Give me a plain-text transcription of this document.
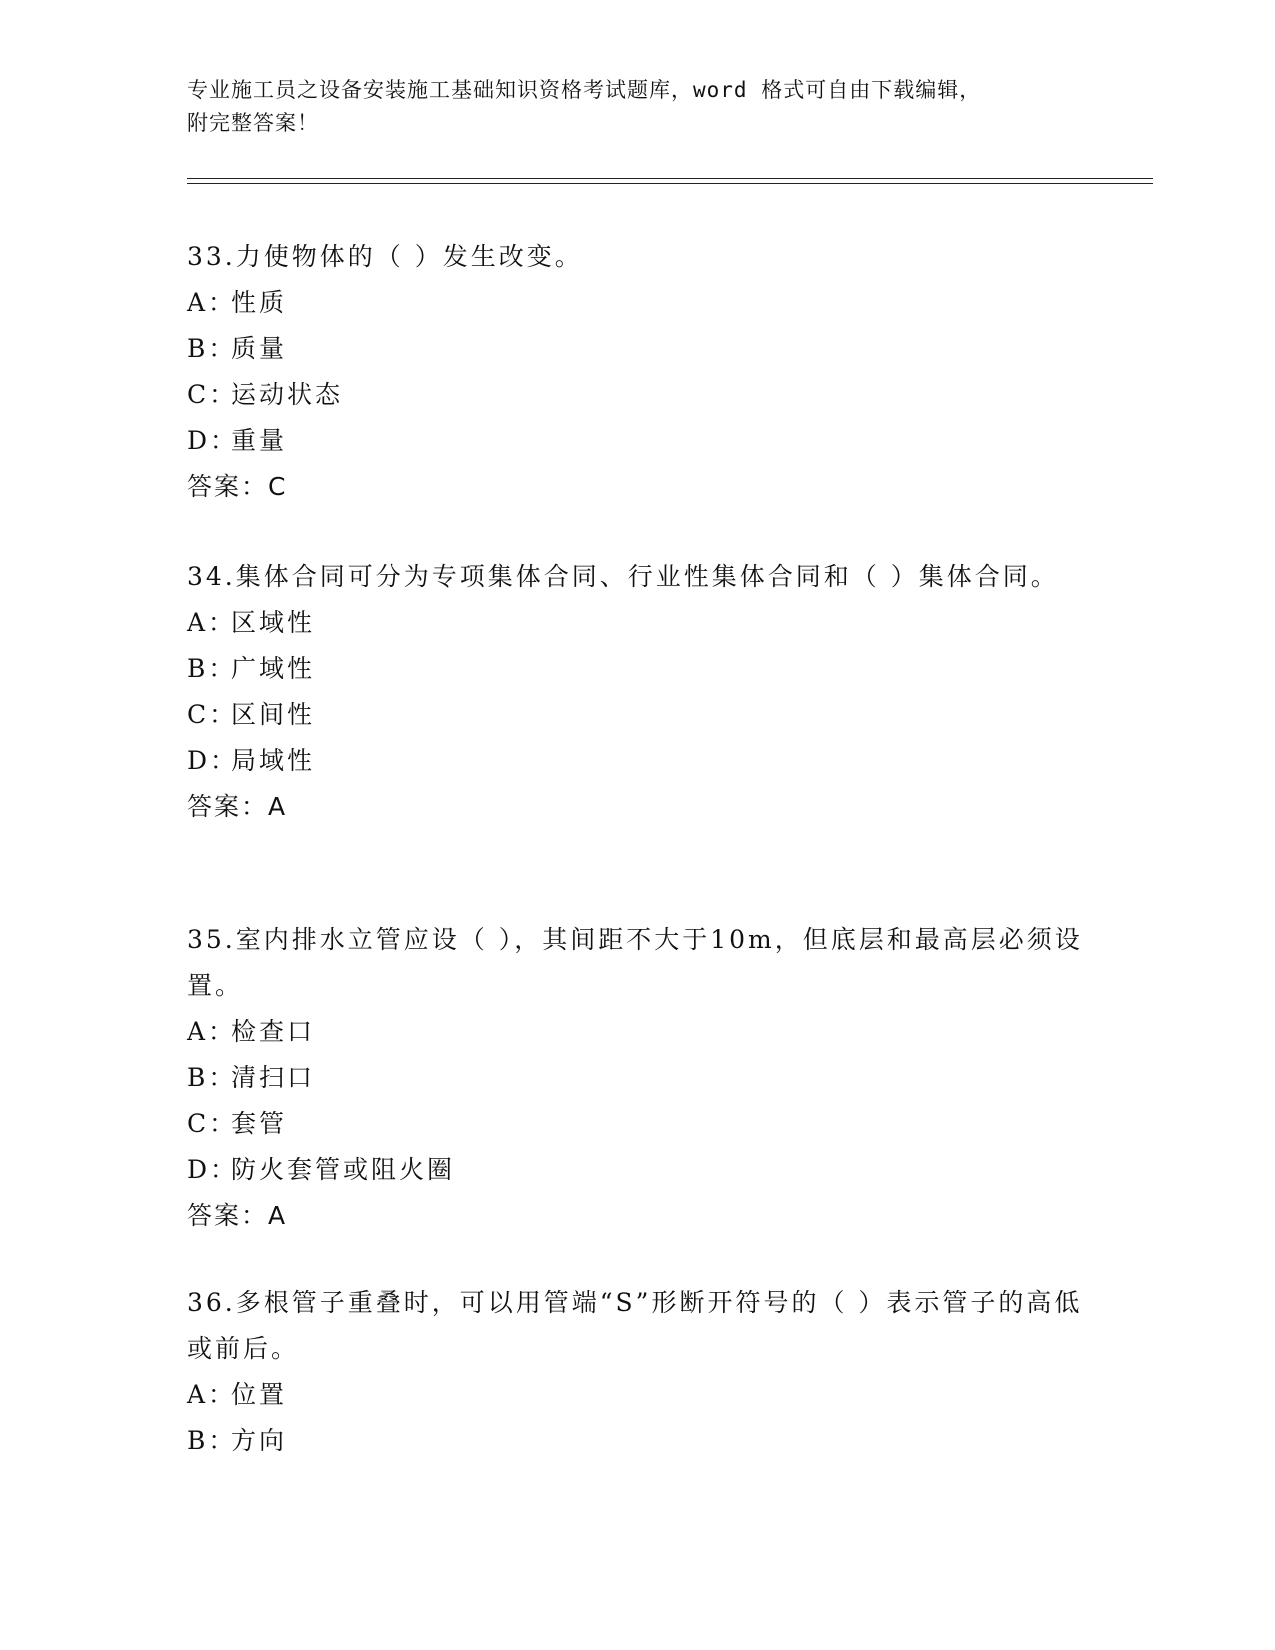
专业施工员之设备安装施工基础知识资格考试题库，word 格式可自由下载编辑，
附完整答案！

33.力使物体的（ ）发生改变。

A：性质
B：质量
C：运动状态
D：重量
答案：C

34.集体合同可分为专项集体合同、行业性集体合同和（ ）集体合同。

A：区域性
B：广域性
C：区间性
D：局域性
答案：A

35.室内排水立管应设（ ），其间距不大于10m，但底层和最高层必须设置。

A：检查口
B：清扫口
C：套管
D：防火套管或阻火圈
答案：A

36.多根管子重叠时，可以用管端“S”形断开符号的（ ）表示管子的高低或前后。

A：位置
B：方向
